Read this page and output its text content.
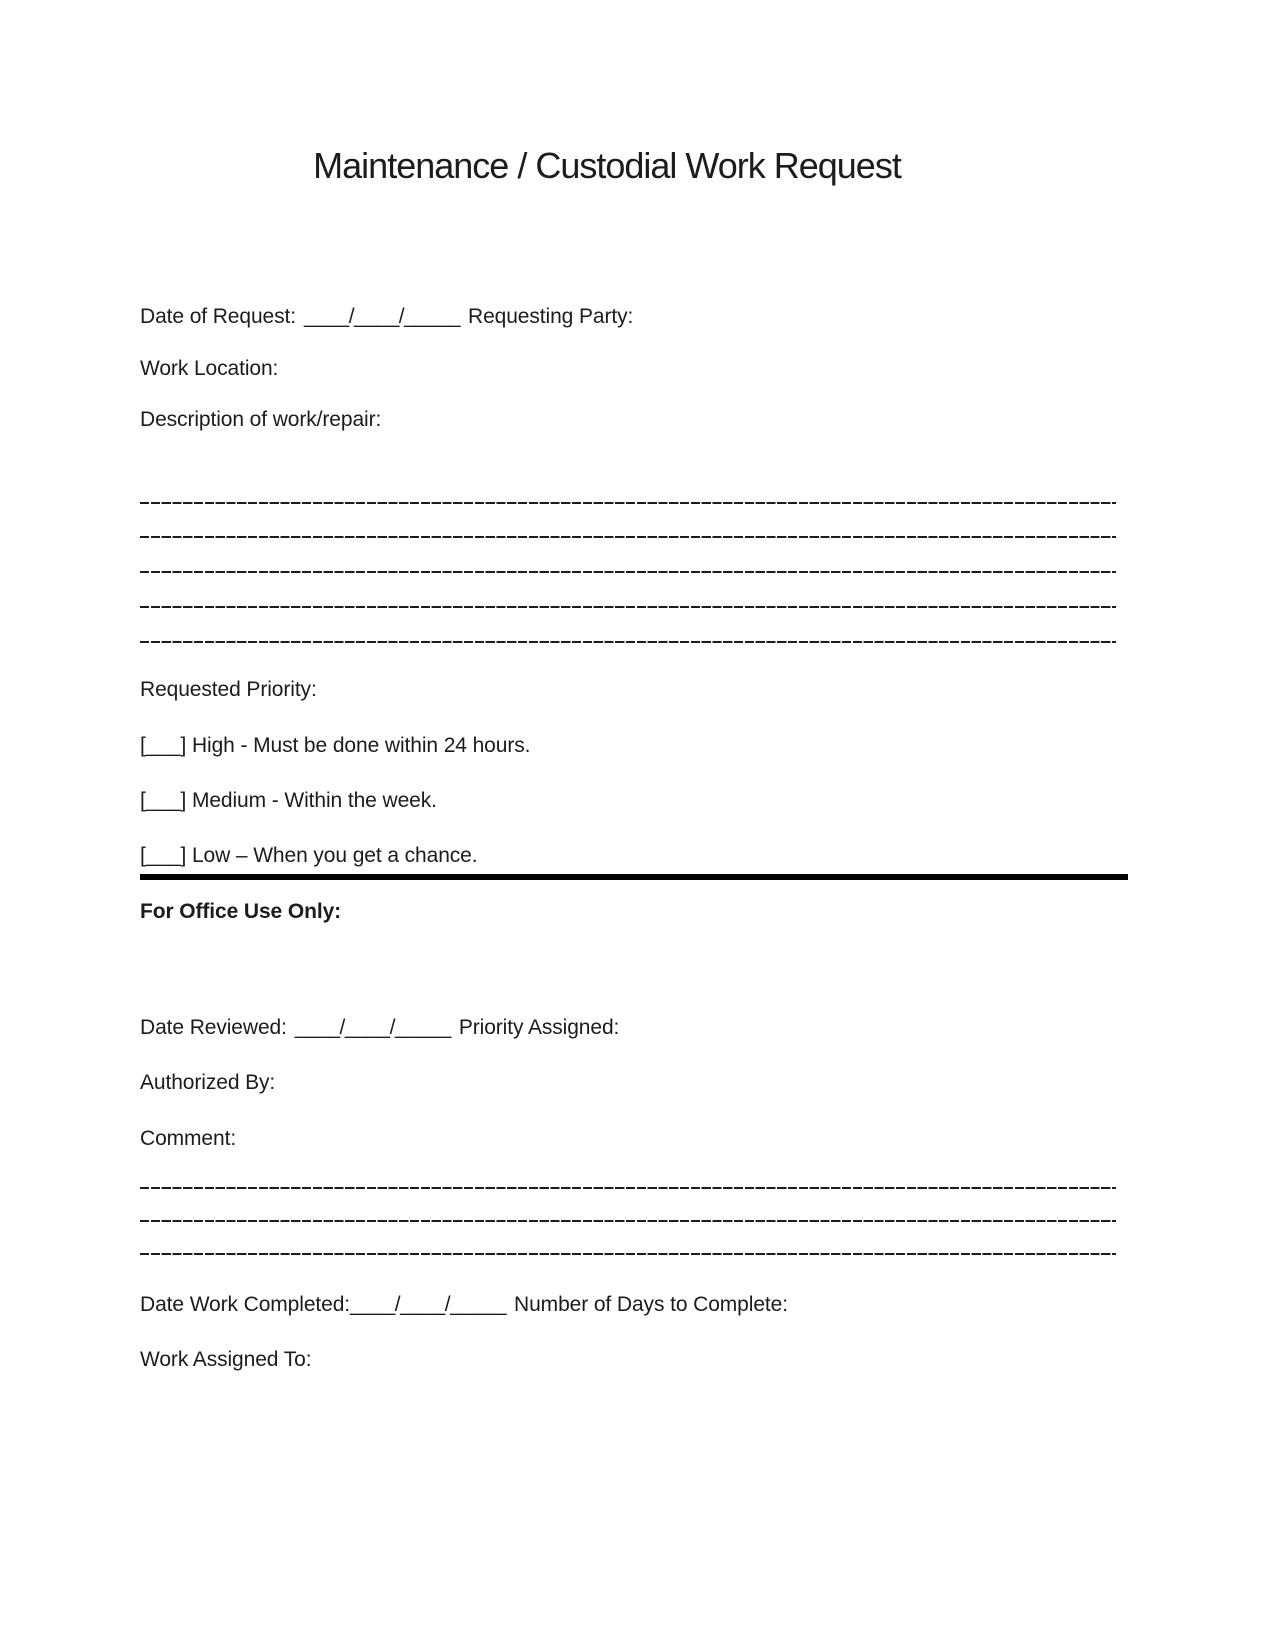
Maintenance / Custodial Work Request
Date of Request: ____/____/_____ Requesting Party:
Work Location:
Description of work/repair:
Requested Priority:
[___] High - Must be done within 24 hours.
[___] Medium - Within the week.
[___] Low – When you get a chance.
For Office Use Only:
Date Reviewed: ____/____/_____ Priority Assigned:
Authorized By:
Comment:
Date Work Completed: ____/____/_____ Number of Days to Complete:
Work Assigned To:
